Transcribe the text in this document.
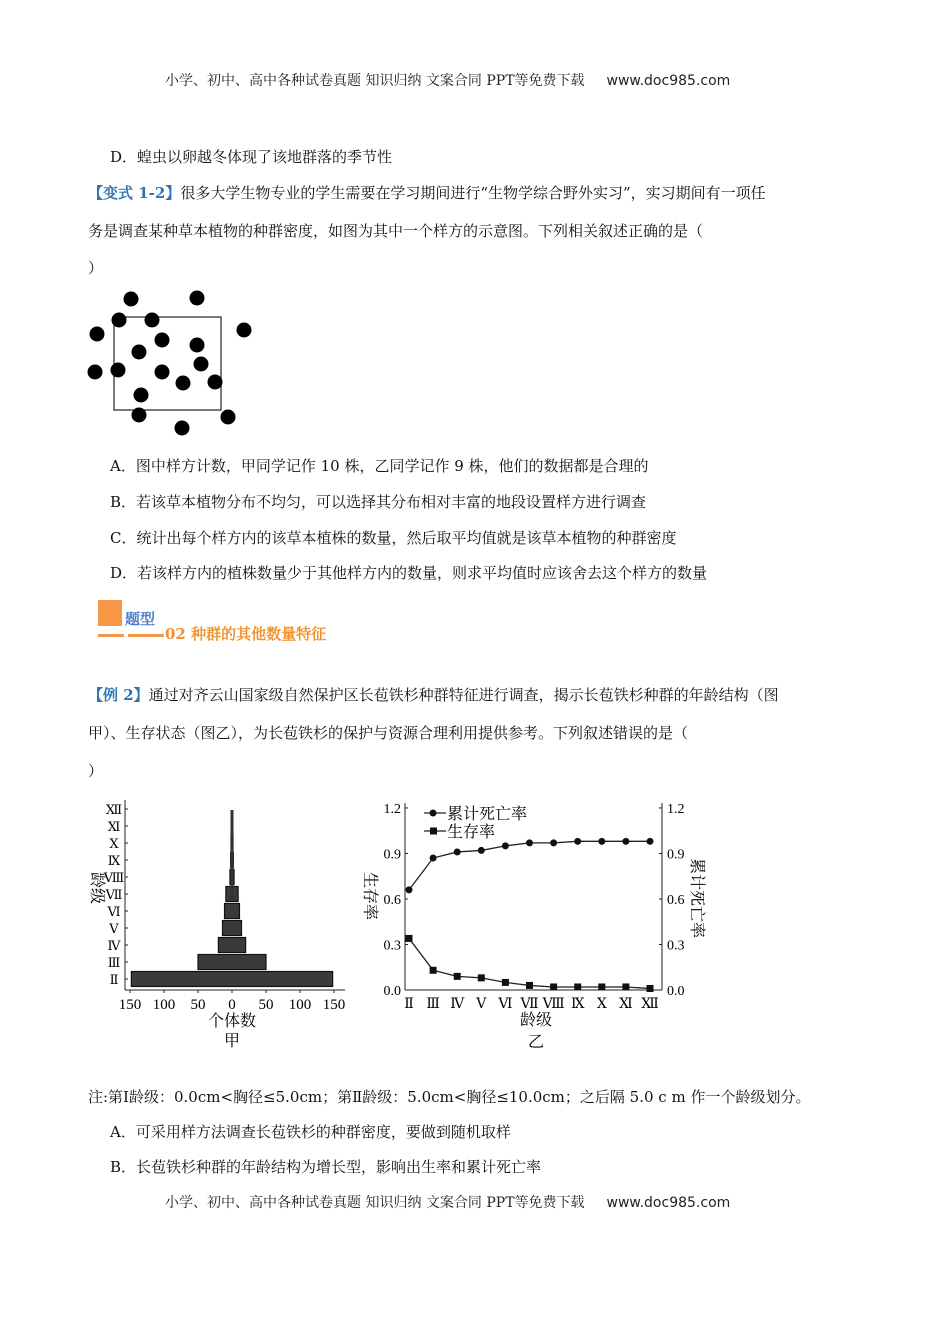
小学、初中、高中各种试卷真题 知识归纳 文案合同 PPT等免费下载 www.doc985.com
D．蝗虫以卵越冬体现了该地群落的季节性
【变式 1-2】很多大学生物专业的学生需要在学习期间进行“生物学综合野外实习”，实习期间有一项任
务是调查某种草本植物的种群密度，如图为其中一个样方的示意图。下列相关叙述正确的是（
）
A．图中样方计数，甲同学记作 10 株，乙同学记作 9 株，他们的数据都是合理的
B．若该草本植物分布不均匀，可以选择其分布相对丰富的地段设置样方进行调查
C．统计出每个样方内的该草本植株的数量，然后取平均值就是该草本植物的种群密度
D．若该样方内的植株数量少于其他样方内的数量，则求平均值时应该舍去这个样方的数量
题型
02 种群的其他数量特征
【例 2】通过对齐云山国家级自然保护区长苞铁杉种群特征进行调查，揭示长苞铁杉种群的年龄结构（图
甲）、生存状态（图乙），为长苞铁杉的保护与资源合理利用提供参考。下列叙述错误的是（
）
150 100 50 0 50 100 150
Ⅱ
Ⅲ
Ⅳ
Ⅴ
Ⅵ
Ⅶ
Ⅷ
Ⅸ
Ⅹ
Ⅺ
Ⅻ
个体数
甲
龄级
0.0	0.0
0.3	0.3
0.6	0.6
0.9	0.9
1.2	1.2
Ⅱ Ⅲ Ⅳ Ⅴ Ⅵ Ⅶ Ⅷ Ⅸ Ⅹ Ⅺ Ⅻ
累计死亡率
生存率
龄级
乙
生存率	累计死亡率
注:第Ⅰ龄级：0.0cm<胸径≤5.0cm；第Ⅱ龄级：5.0cm<胸径≤10.0cm；之后隔 5.0 c m 作一个龄级划分。
A．可采用样方法调查长苞铁杉的种群密度，要做到随机取样
B．长苞铁杉种群的年龄结构为增长型，影响出生率和累计死亡率
小学、初中、高中各种试卷真题 知识归纳 文案合同 PPT等免费下载 www.doc985.com
